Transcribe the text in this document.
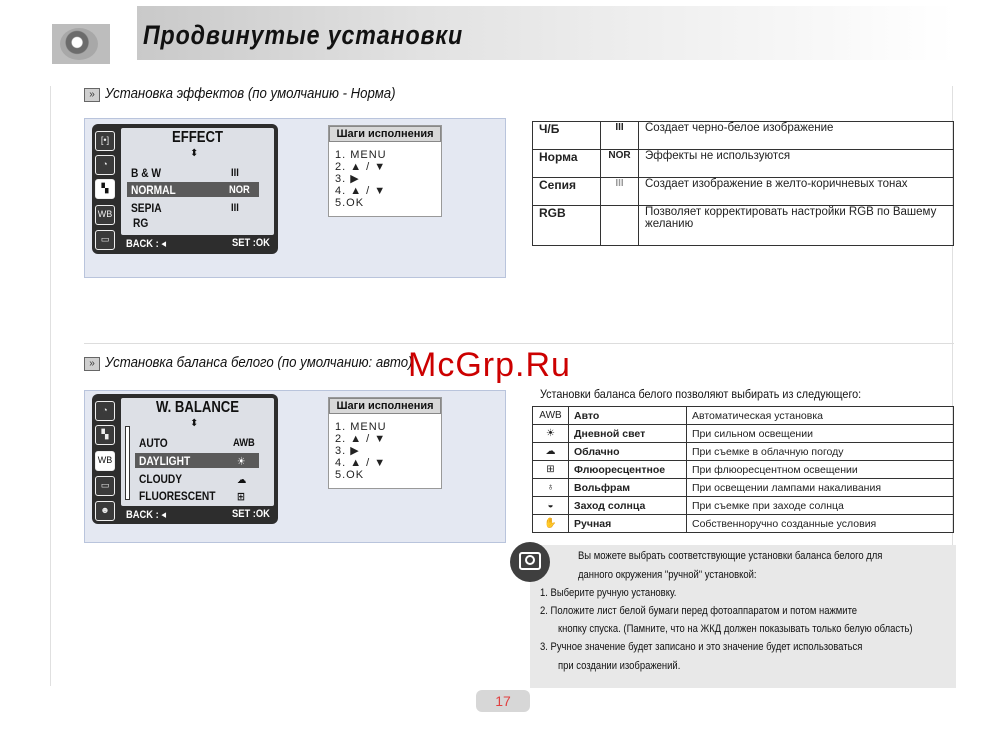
Продвинутые установки
» Установка эффектов (по умолчанию - Норма)
[•]
◔
▚
WB
▭
EFFECT
⬍
B & W	III
NORMAL	NOR
SEPIA	III
RG
BACK : ◂	SET :OK
Шаги исполнения
1. MENU
2. ▲ / ▼
3. ▶
4. ▲ / ▼
5.OK
Ч/Б	III	Создает черно-белое изображение
Норма	NOR	Эффекты не используются
Сепия	III	Создает изображение в желто-коричневых тонах
RGB		Позволяет корректировать настройки RGB по Вашему желанию
» Установка баланса белого (по умолчанию: авто)
◔
▚
WB
▭
☻
W. BALANCE
⬍
AUTO	AWB
DAYLIGHT	☀
CLOUDY	☁
FLUORESCENT ⊞
BACK : ◂	SET :OK
Шаги исполнения
1. MENU
2. ▲ / ▼
3. ▶
4. ▲ / ▼
5.OK
Установки баланса белого позволяют выбирать из следующего:
AWB	Авто	Автоматическая установка
☀	Дневной свет	При сильном освещении
☁	Облачно	При съемке в облачную погоду
⊞	Флюоресцентное	При флюоресцентном освещении
♁	Вольфрам	При освещении лампами накаливания
◒	Заход солнца	При съемке при заходе солнца
✋	Ручная	Собственноручно созданные условия
Вы можете выбрать соответствующие установки баланса белого для
данного окружения "ручной" установкой:
1. Выберите ручную установку.
2. Положите лист белой бумаги перед фотоаппаратом и потом нажмите
кнопку спуска. (Памните, что на ЖКД должен показывать только белую область)
3. Ручное значение будет записано и это значение будет использоваться
при создании изображений.
McGrp.Ru
17
